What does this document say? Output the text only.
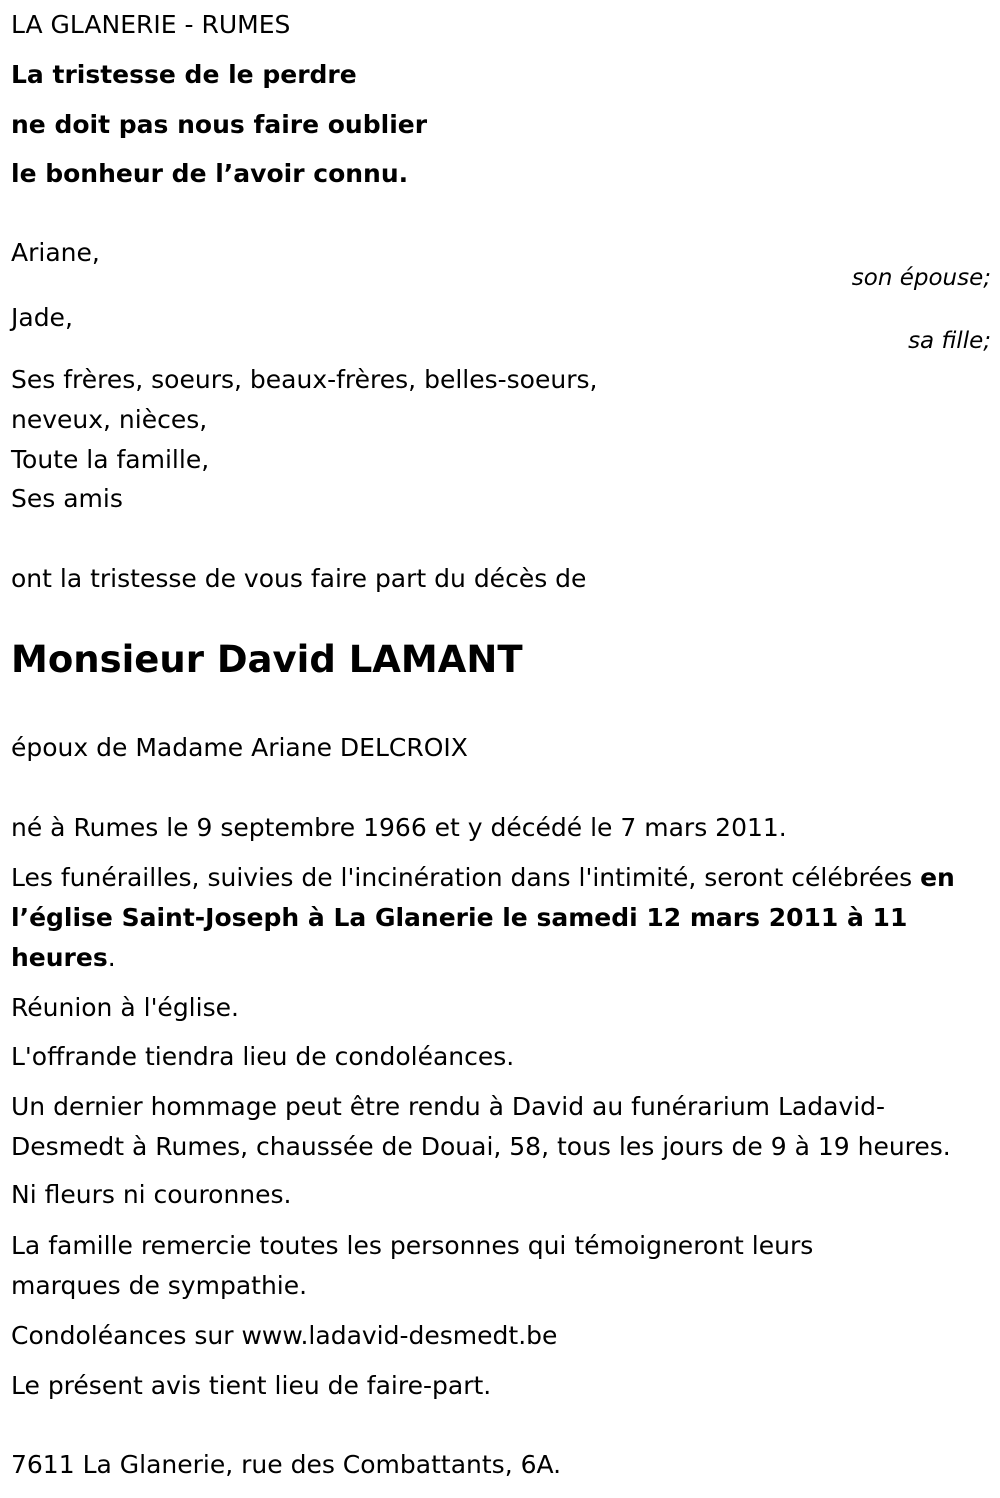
LA GLANERIE - RUMES
La tristesse de le perdre
ne doit pas nous faire oublier
le bonheur de l’avoir connu.
Ariane,
son épouse;
Jade,
sa fille;
Ses frères, soeurs, beaux-frères, belles-soeurs,
neveux, nièces,
Toute la famille,
Ses amis
ont la tristesse de vous faire part du décès de
Monsieur David LAMANT
époux de Madame Ariane DELCROIX
né à Rumes le 9 septembre 1966 et y décédé le 7 mars 2011.
Les funérailles, suivies de l'incinération dans l'intimité, seront célébrées en l’église Saint-Joseph à La Glanerie le samedi 12 mars 2011 à 11 heures.
Réunion à l'église.
L'offrande tiendra lieu de condoléances.
Un dernier hommage peut être rendu à David au funérarium Ladavid-Desmedt à Rumes, chaussée de Douai, 58, tous les jours de 9 à 19 heures.
Ni fleurs ni couronnes.
La famille remercie toutes les personnes qui témoigneront leurs marques de sympathie.
Condoléances sur www.ladavid-desmedt.be
Le présent avis tient lieu de faire-part.
7611 La Glanerie, rue des Combattants, 6A.
